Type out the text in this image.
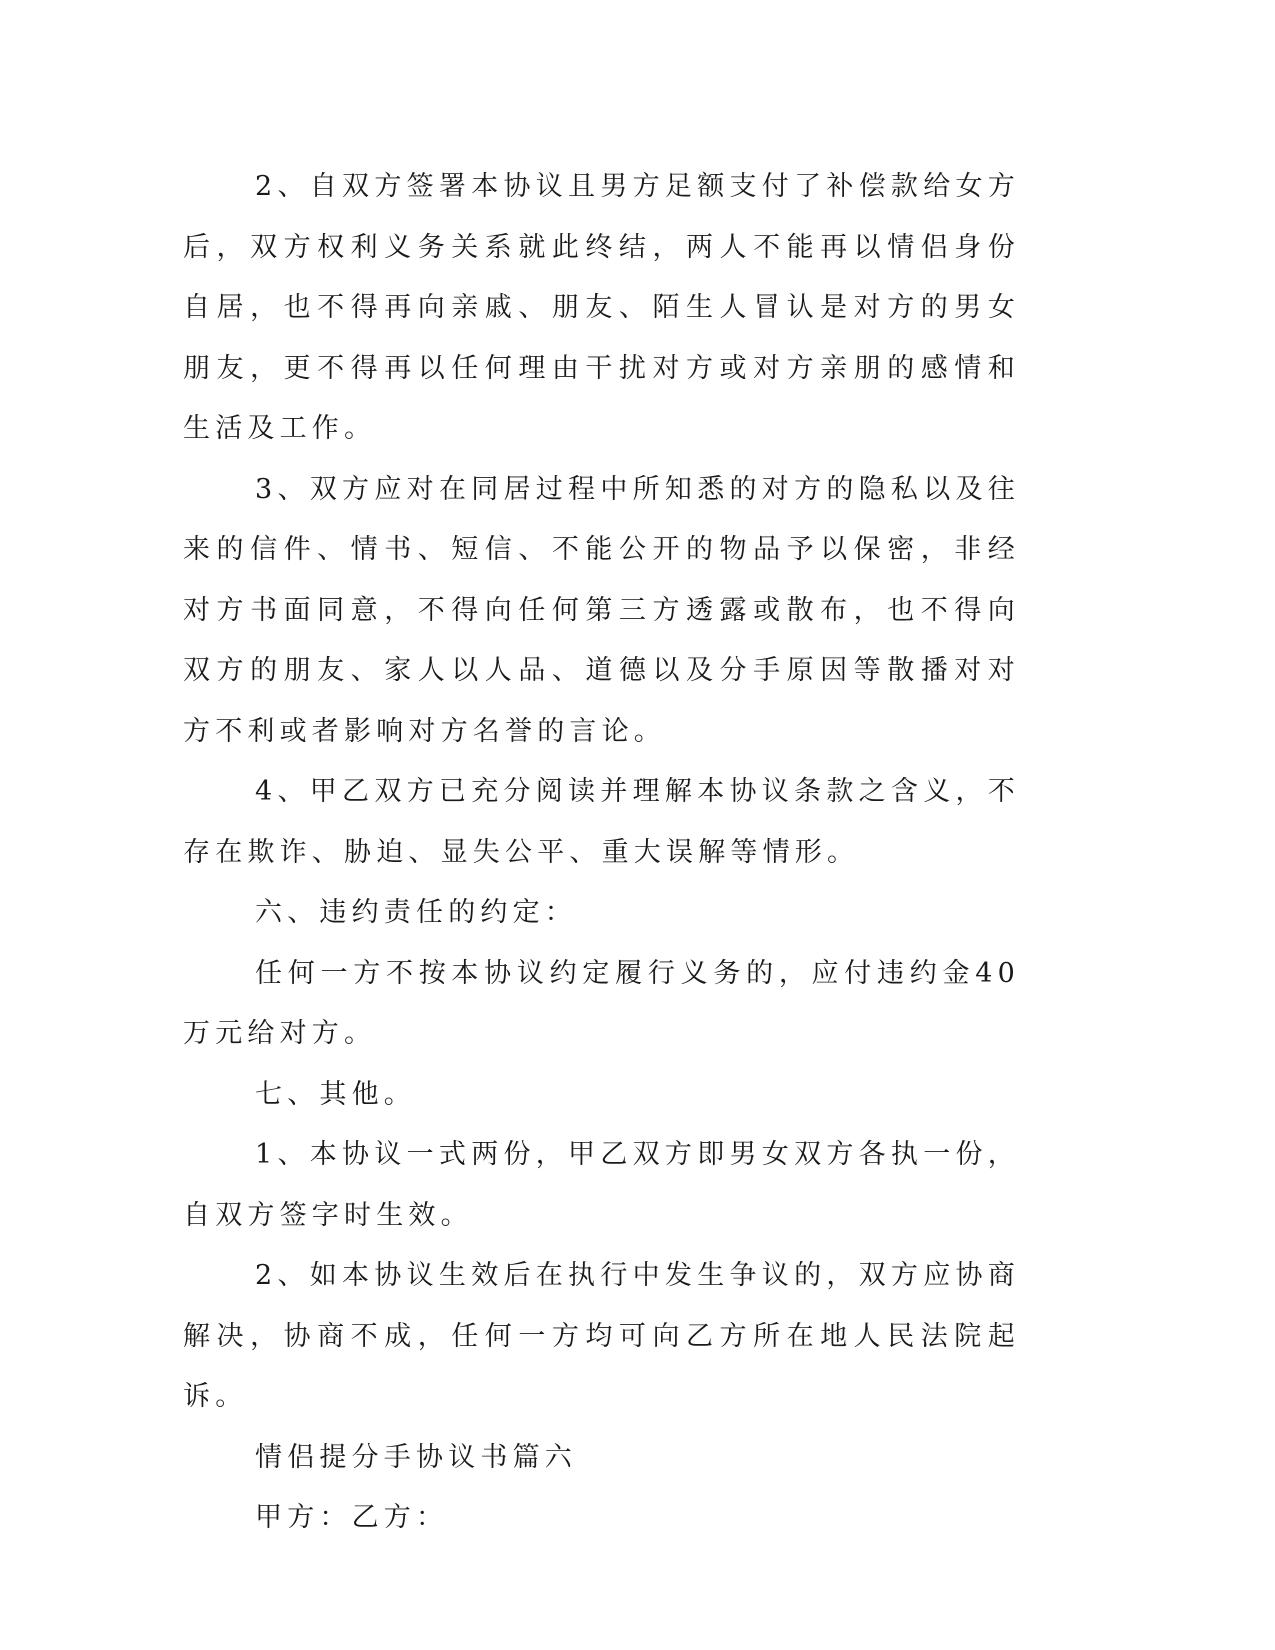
2、自双方签署本协议且男方足额支付了补偿款给女方后，双方权利义务关系就此终结，两人不能再以情侣身份自居，也不得再向亲戚、朋友、陌生人冒认是对方的男女朋友，更不得再以任何理由干扰对方或对方亲朋的感情和生活及工作。

3、双方应对在同居过程中所知悉的对方的隐私以及往来的信件、情书、短信、不能公开的物品予以保密，非经对方书面同意，不得向任何第三方透露或散布，也不得向双方的朋友、家人以人品、道德以及分手原因等散播对对方不利或者影响对方名誉的言论。

4、甲乙双方已充分阅读并理解本协议条款之含义，不存在欺诈、胁迫、显失公平、重大误解等情形。

六、违约责任的约定：

任何一方不按本协议约定履行义务的，应付违约金40万元给对方。

七、其他。

1、本协议一式两份，甲乙双方即男女双方各执一份，自双方签字时生效。

2、如本协议生效后在执行中发生争议的，双方应协商解决，协商不成，任何一方均可向乙方所在地人民法院起诉。

情侣提分手协议书篇六

甲方：乙方：
